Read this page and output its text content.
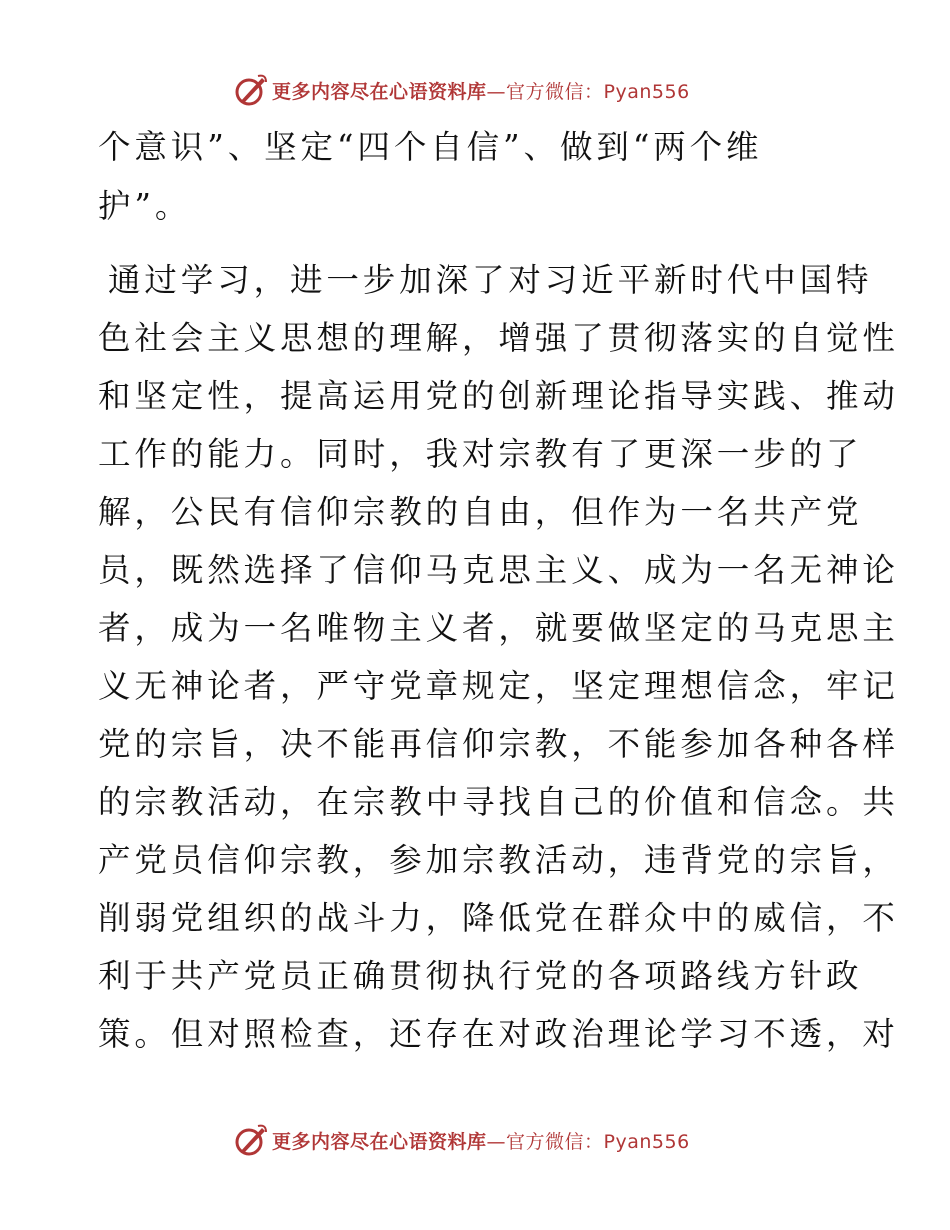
更多内容尽在心语资料库—官方微信：Pyan556
个意识”、坚定“四个自信”、做到“两个维
护”。
通过学习，进一步加深了对习近平新时代中国特
色社会主义思想的理解，增强了贯彻落实的自觉性
和坚定性，提高运用党的创新理论指导实践、推动
工作的能力。同时，我对宗教有了更深一步的了
解，公民有信仰宗教的自由，但作为一名共产党
员，既然选择了信仰马克思主义、成为一名无神论
者，成为一名唯物主义者，就要做坚定的马克思主
义无神论者，严守党章规定，坚定理想信念，牢记
党的宗旨，决不能再信仰宗教，不能参加各种各样
的宗教活动，在宗教中寻找自己的价值和信念。共
产党员信仰宗教，参加宗教活动，违背党的宗旨，
削弱党组织的战斗力，降低党在群众中的威信，不
利于共产党员正确贯彻执行党的各项路线方针政
策。但对照检查，还存在对政治理论学习不透，对
更多内容尽在心语资料库—官方微信：Pyan556
